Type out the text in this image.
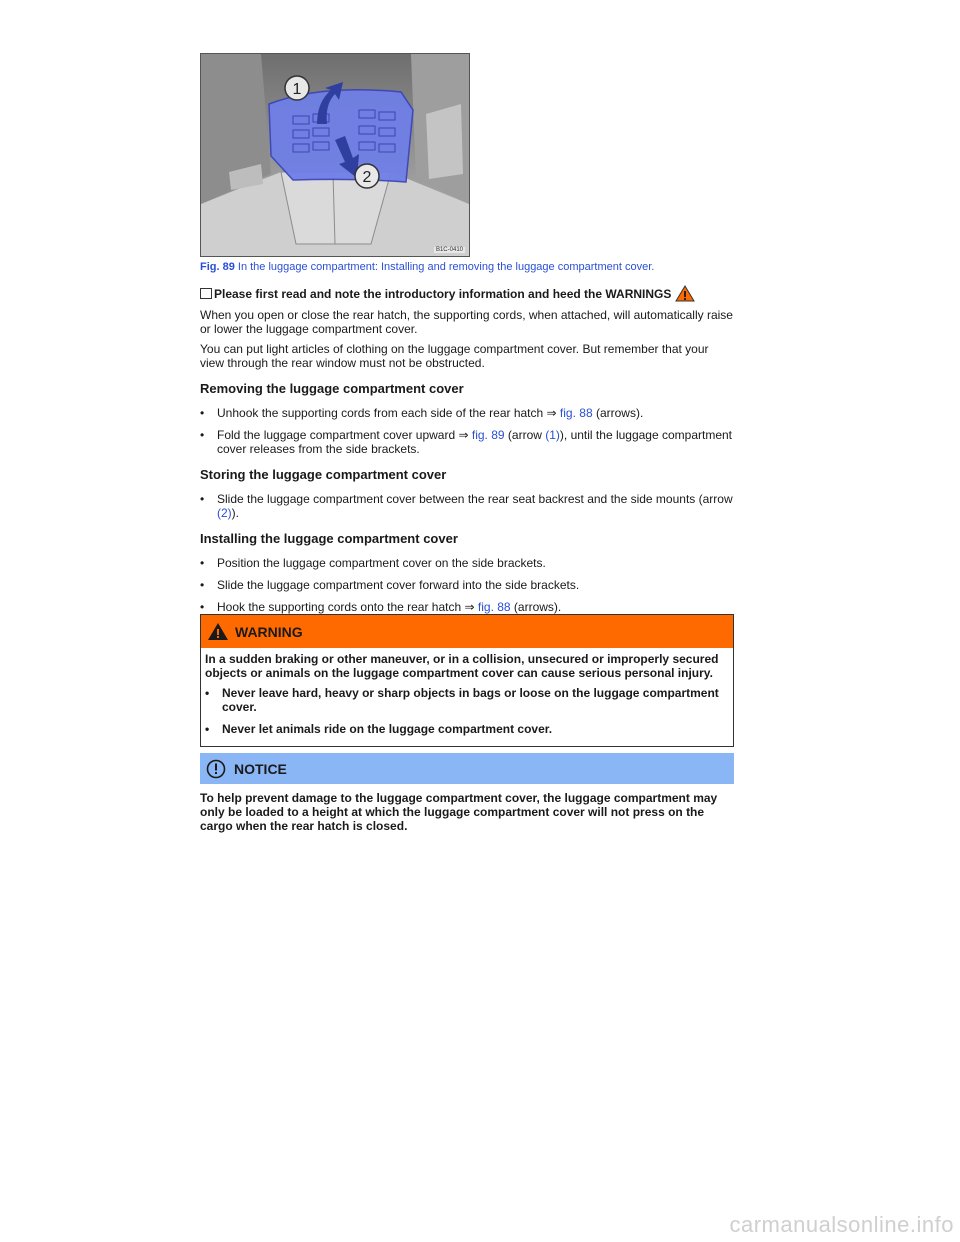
1
2
B1C-0410
Fig. 89 In the luggage compartment: Installing and removing the luggage compartment cover.
Please first read and note the introductory information and heed the WARNINGS

When you open or close the rear hatch, the supporting cords, when attached, will automatically raise or lower the luggage compartment cover.

You can put light articles of clothing on the luggage compartment cover. But remember that your view through the rear window must not be obstructed.

Removing the luggage compartment cover
•	Unhook the supporting cords from each side of the rear hatch ⇒ fig. 88 (arrows).
•	Fold the luggage compartment cover upward ⇒ fig. 89 (arrow (1)), until the luggage compartment cover releases from the side brackets.
Storing the luggage compartment cover
•	Slide the luggage compartment cover between the rear seat backrest and the side mounts (arrow (2)).
Installing the luggage compartment cover
•	Position the luggage compartment cover on the side brackets.
•	Slide the luggage compartment cover forward into the side brackets.
•	Hook the supporting cords onto the rear hatch ⇒ fig. 88 (arrows).
WARNING

In a sudden braking or other maneuver, or in a collision, unsecured or improperly secured objects or animals on the luggage compartment cover can cause serious personal injury.

•	Never leave hard, heavy or sharp objects in bags or loose on the luggage compartment cover.
•	Never let animals ride on the luggage compartment cover.
NOTICE
To help prevent damage to the luggage compartment cover, the luggage compartment may only be loaded to a height at which the luggage compartment cover will not press on the cargo when the rear hatch is closed.
carmanualsonline.info
